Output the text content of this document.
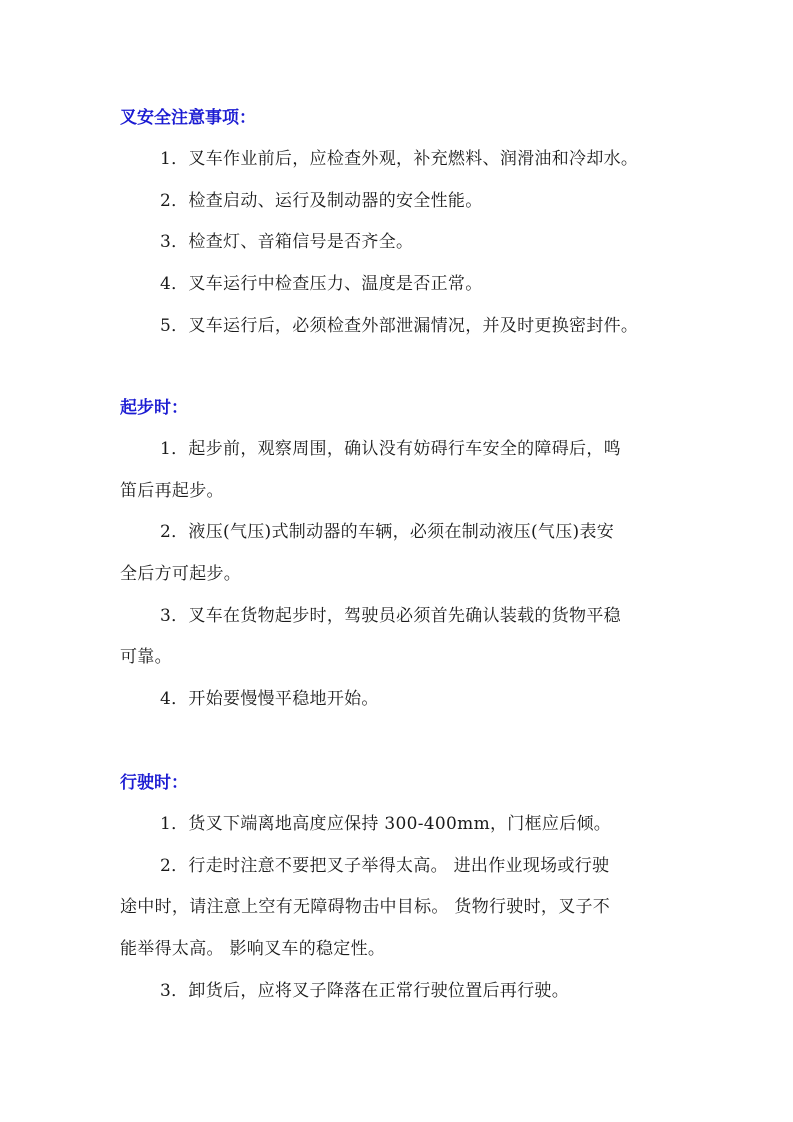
叉安全注意事项：
1．叉车作业前后，应检查外观，补充燃料、润滑油和冷却水。
2．检查启动、运行及制动器的安全性能。
3．检查灯、音箱信号是否齐全。
4．叉车运行中检查压力、温度是否正常。
5．叉车运行后，必须检查外部泄漏情况，并及时更换密封件。
起步时：
1．起步前，观察周围，确认没有妨碍行车安全的障碍后，鸣
笛后再起步。
2．液压(气压)式制动器的车辆，必须在制动液压(气压)表安
全后方可起步。
3．叉车在货物起步时，驾驶员必须首先确认装载的货物平稳
可靠。
4．开始要慢慢平稳地开始。
行驶时：
1．货叉下端离地高度应保持 300-400mm，门框应后倾。
2．行走时注意不要把叉子举得太高。 进出作业现场或行驶
途中时，请注意上空有无障碍物击中目标。 货物行驶时，叉子不
能举得太高。 影响叉车的稳定性。
3．卸货后，应将叉子降落在正常行驶位置后再行驶。
